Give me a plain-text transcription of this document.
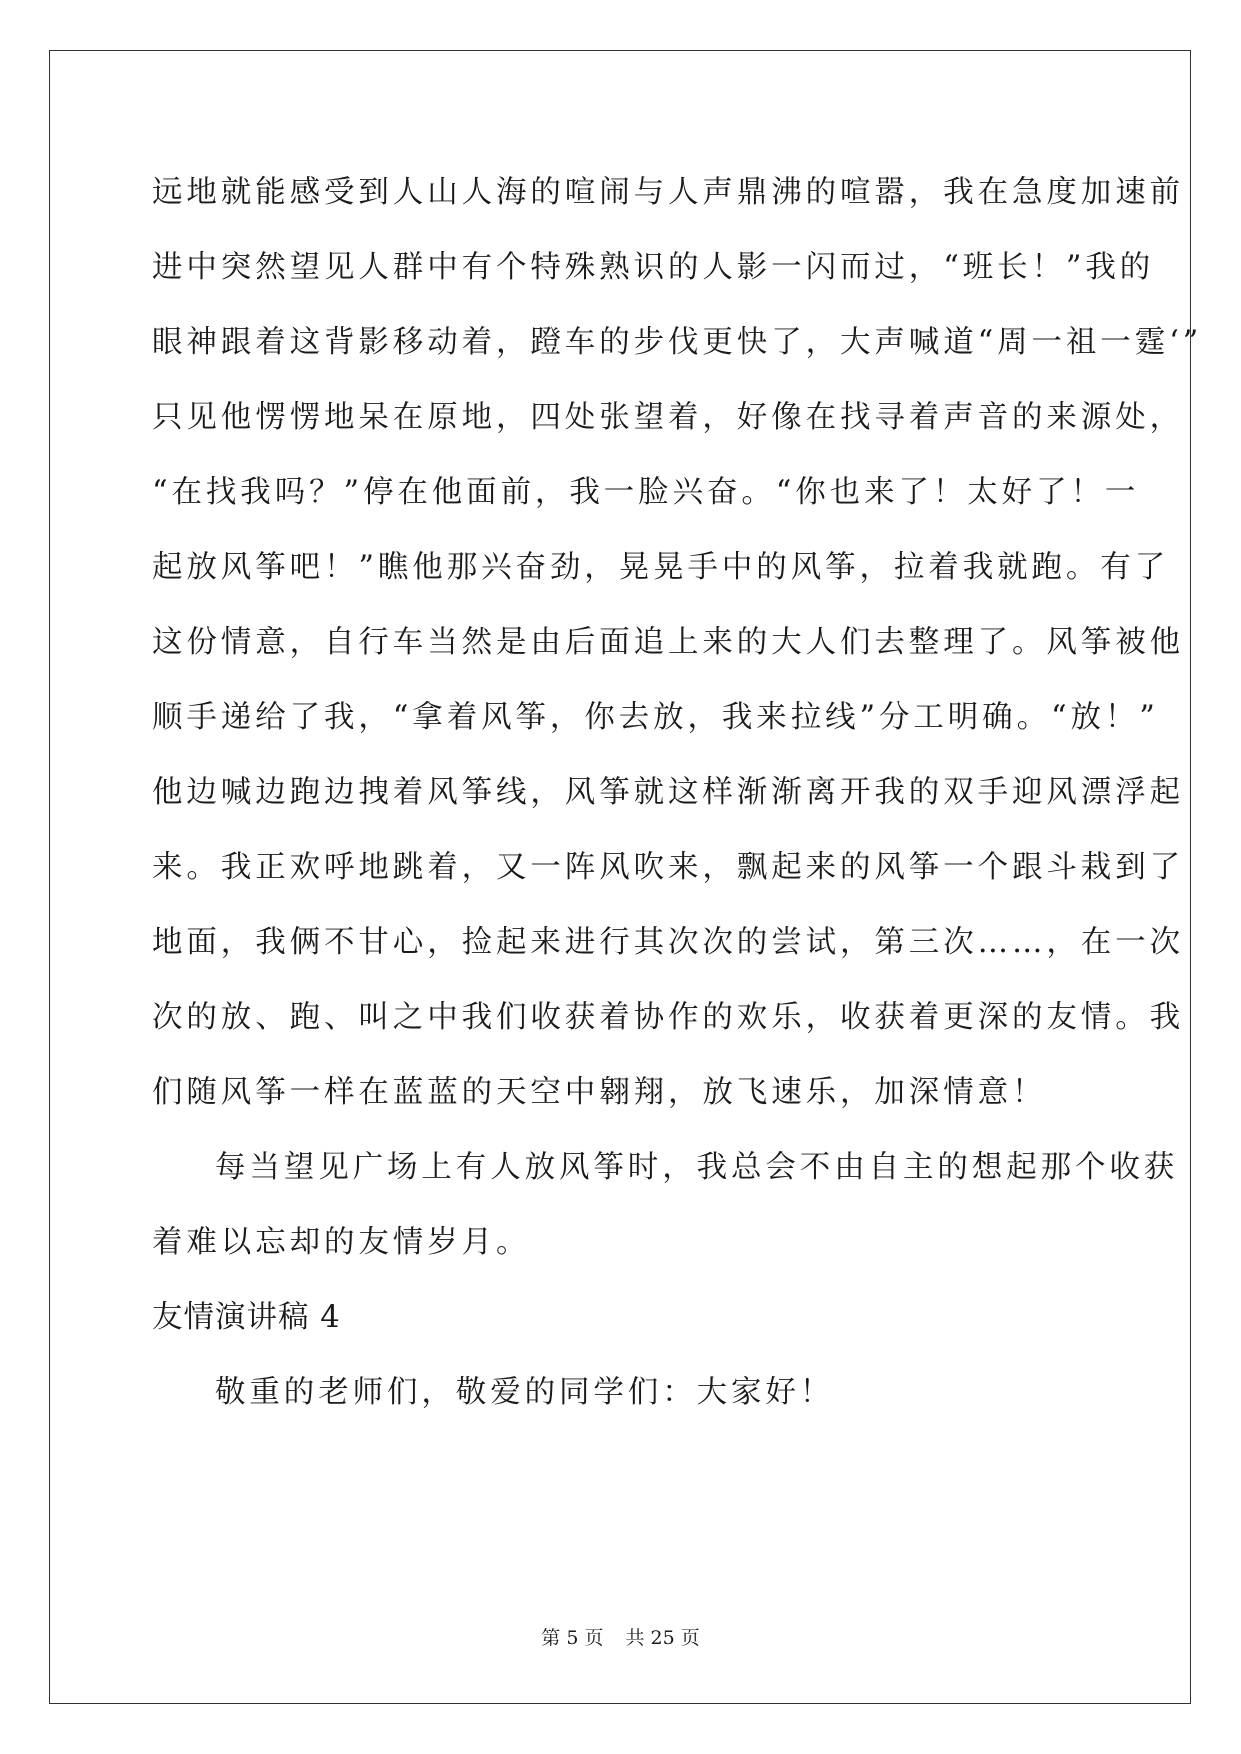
远地就能感受到人山人海的喧闹与人声鼎沸的喧嚣，我在急度加速前
进中突然望见人群中有个特殊熟识的人影一闪而过，“班长！”我的
眼神跟着这背影移动着，蹬车的步伐更快了，大声喊道“周一祖一霆‘”
只见他愣愣地呆在原地，四处张望着，好像在找寻着声音的来源处，
“在找我吗？”停在他面前，我一脸兴奋。“你也来了！太好了！一
起放风筝吧！”瞧他那兴奋劲，晃晃手中的风筝，拉着我就跑。有了
这份情意，自行车当然是由后面追上来的大人们去整理了。风筝被他
顺手递给了我，“拿着风筝，你去放，我来拉线”分工明确。“放！”
他边喊边跑边拽着风筝线，风筝就这样渐渐离开我的双手迎风漂浮起
来。我正欢呼地跳着，又一阵风吹来，飘起来的风筝一个跟斗栽到了
地面，我俩不甘心，捡起来进行其次次的尝试，第三次……，在一次
次的放、跑、叫之中我们收获着协作的欢乐，收获着更深的友情。我
们随风筝一样在蓝蓝的天空中翱翔，放飞速乐，加深情意！
每当望见广场上有人放风筝时，我总会不由自主的想起那个收获
着难以忘却的友情岁月。
友情演讲稿 4
敬重的老师们，敬爱的同学们：大家好！
第 5 页 共 25 页
